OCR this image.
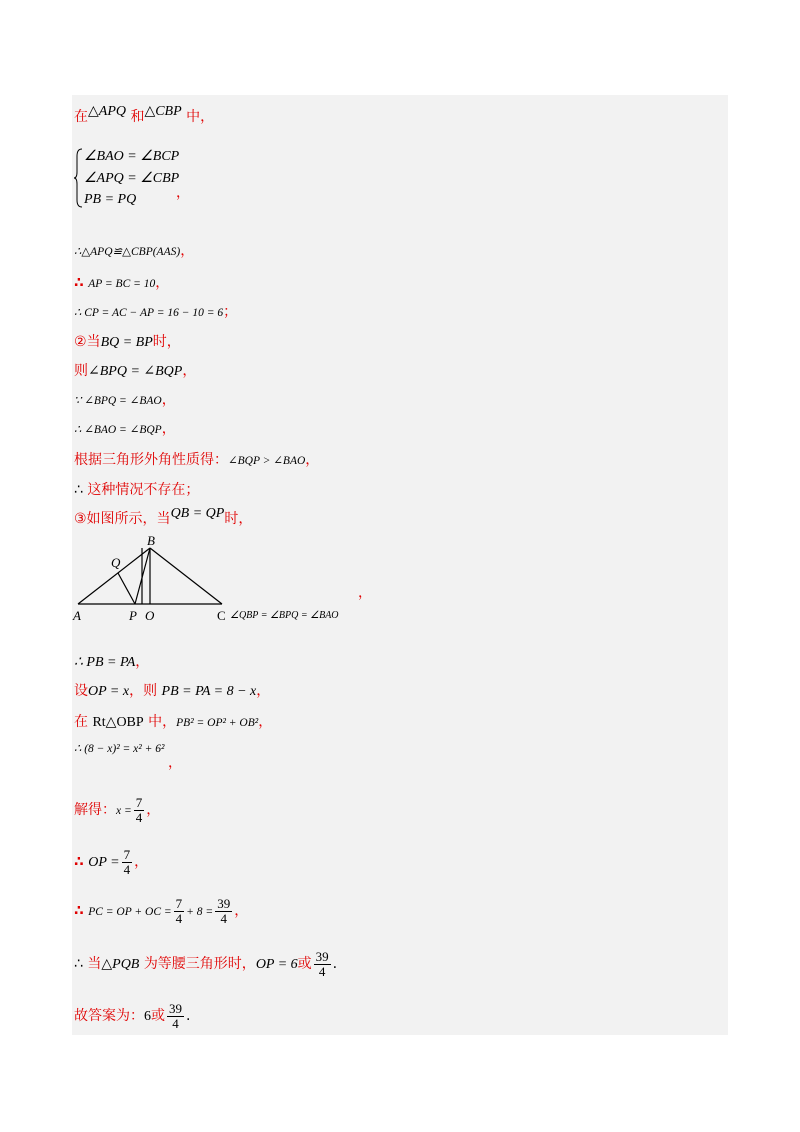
在△APQ 和△CBP 中，
∠BAO = ∠BCP
∠APQ = ∠CBP
PB = PQ	，
∴△APQ≌△CBP(AAS)，
∴ AP = BC = 10，
∴ CP = AC − AP = 16 − 10 = 6；
②当BQ = BP时，
则∠BPQ = ∠BQP，
∵ ∠BPQ = ∠BAO，
∴ ∠BAO = ∠BQP，
根据三角形外角性质得：∠BQP > ∠BAO，
∴ 这种情况不存在；
③如图所示，当QB = QP时，
B
Q
A	P O	C ∠QBP = ∠BPQ = ∠BAO
，
∴ PB = PA，
设OP = x，则 PB = PA = 8 − x，
在 Rt△OBP 中，PB² = OP² + OB²，
∴ (8 − x)² = x² + 6²
，
解得：$x = \frac{7}{4}$ ，
∴ OP = $\frac{7}{4}$ ，
∴ PC = OP + OC = $\frac{7}{4} + 8 = \frac{39}{4}$ ，
∴ 当△PQB 为等腰三角形时，OP = 6或 $\frac{39}{4}$ .
故答案为：6或 $\frac{39}{4}$ .
